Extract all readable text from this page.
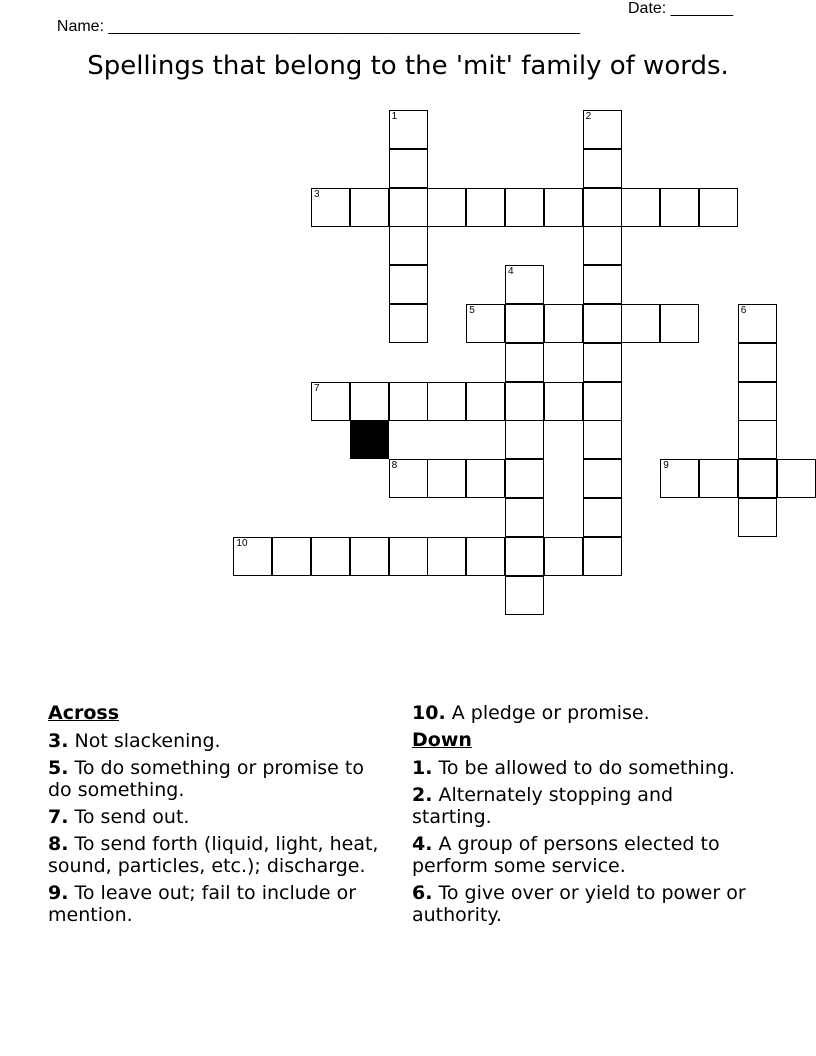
Name: _____________________________________________________

Date: _______

Spellings that belong to the 'mit' family of words.
1	2
3
4
5	6
7
8	9
10
Across
3. Not slackening.
5. To do something or promise to do something.
7. To send out.
8. To send forth (liquid, light, heat, sound, particles, etc.); discharge.
9. To leave out; fail to include or mention.
10. A pledge or promise.
Down
1. To be allowed to do something.
2. Alternately stopping and starting.
4. A group of persons elected to perform some service.
6. To give over or yield to power or authority.
